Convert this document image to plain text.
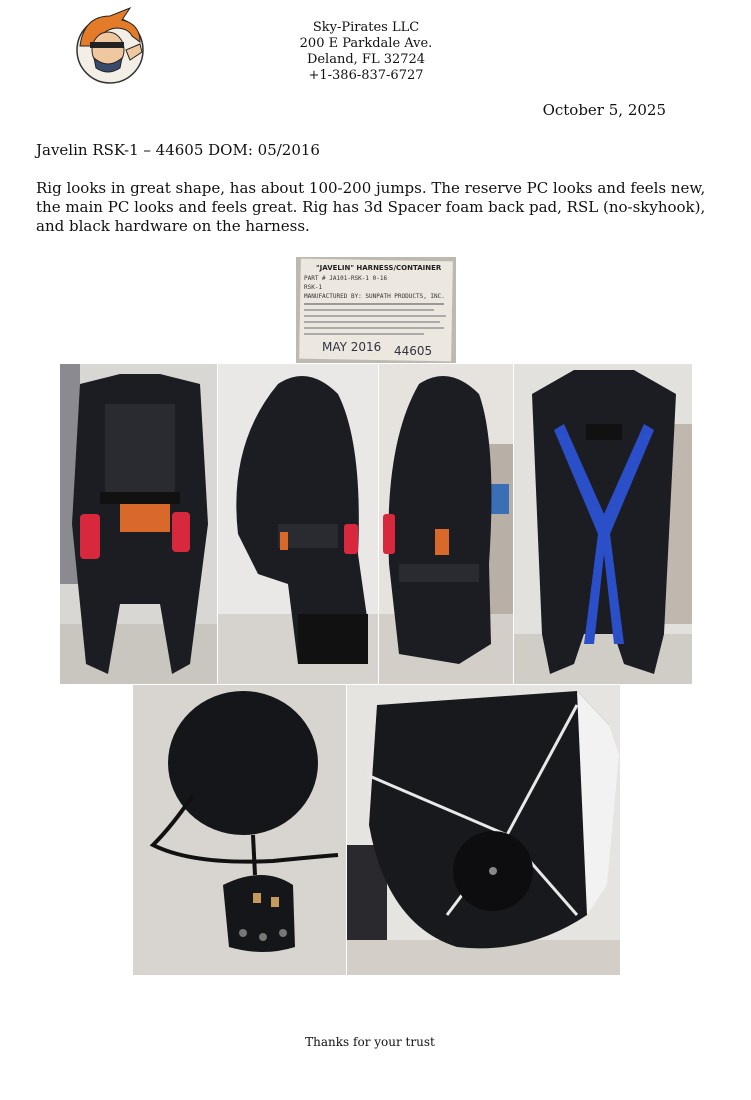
Sky-Pirates LLC
200 E Parkdale Ave.
Deland, FL 32724
+1-386-837-6727
October 5, 2025
Javelin RSK-1 – 44605 DOM: 05/2016
Rig looks in great shape, has about 100-200 jumps. The reserve PC looks and feels new, the main PC looks and feels great. Rig has 3d Spacer foam back pad, RSL (no-skyhook), and black hardware on the harness.
"JAVELIN" HARNESS/CONTAINER
PART # JA101-RSK-1 0-16
RSK-1
MANUFACTURED BY: SUNPATH PRODUCTS, INC.
MAY 2016 44605
Thanks for your trust
